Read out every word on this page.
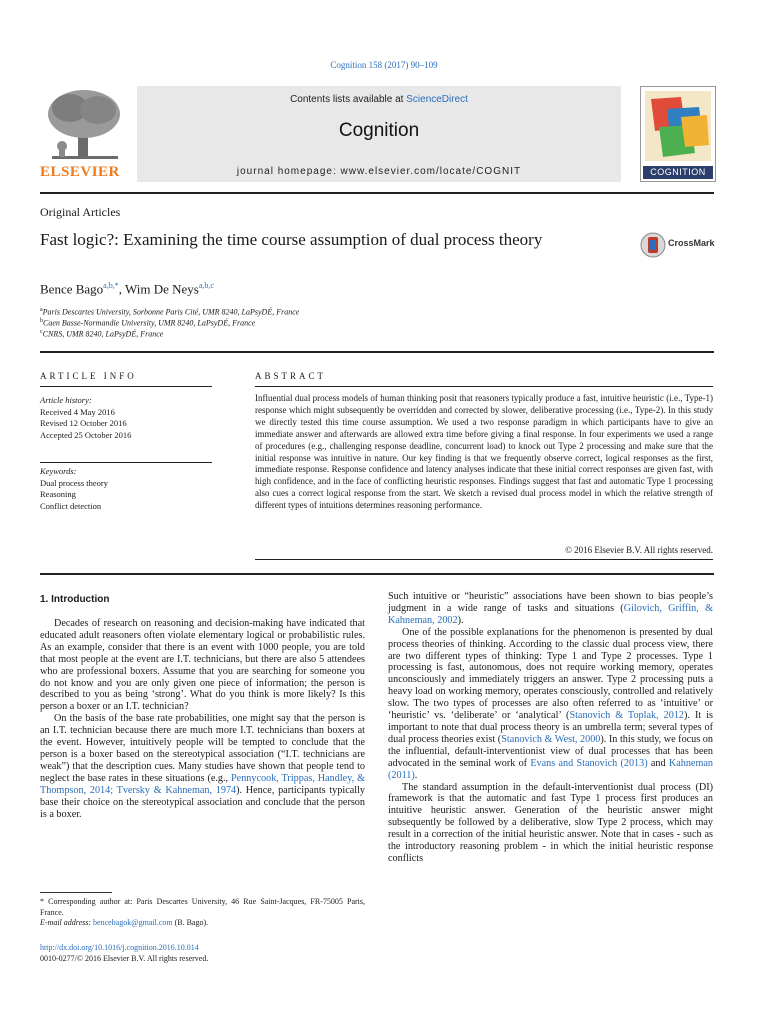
Cognition 158 (2017) 90–109
ELSEVIER
Contents lists available at ScienceDirect
Cognition
journal homepage: www.elsevier.com/locate/COGNIT	COGNITION
Original Articles
Fast logic?: Examining the time course assumption of dual process theory	CrossMark
Bence Bago$^{a,b,*}$, Wim De Neys$^{a,b,c}$
$^a$Paris Descartes University, Sorbonne Paris Cité, UMR 8240, LaPsyDÉ, France
$^b$Caen Basse-Normandie University, UMR 8240, LaPsyDÉ, France
$^c$CNRS, UMR 8240, LaPsyDÉ, France
ARTICLE INFO
Article history:
Received 4 May 2016
Revised 12 October 2016
Accepted 25 October 2016
Keywords:
Dual process theory
Reasoning
Conflict detection
ABSTRACT
Influential dual process models of human thinking posit that reasoners typically produce a fast, intuitive heuristic (i.e., Type-1) response which might subsequently be overridden and corrected by slower, deliberative processing (i.e., Type-2). In this study we directly tested this time course assumption. We used a two response paradigm in which participants have to give an immediate answer and afterwards are allowed extra time before giving a final response. In four experiments we used a range of procedures (e.g., challenging response deadline, concurrent load) to knock out Type 2 processing and make sure that the initial response was intuitive in nature. Our key finding is that we frequently observe correct, logical responses as the first, immediate response. Response confidence and latency analyses indicate that these initial correct responses are given fast, with high confidence, and in the face of conflicting heuristic responses. Findings suggest that fast and automatic Type 1 processing also cues a correct logical response from the start. We sketch a revised dual process model in which the relative strength of different types of intuitions determines reasoning performance.
© 2016 Elsevier B.V. All rights reserved.
1. Introduction

Decades of research on reasoning and decision-making have indicated that educated adult reasoners often violate elementary logical or probabilistic rules. As an example, consider that there is an event with 1000 people, you are told that most people at the event are I.T. technicians, but there are also 5 attendees who are professional boxers. Assume that you are searching for someone you do not know and you are only given one piece of information; the person is described to you as being ‘strong’. What do you think is more likely? Is this person a boxer or an I.T. technician?

On the basis of the base rate probabilities, one might say that the person is an I.T. technician because there are much more I.T. technicians than boxers at the event. However, intuitively people will be tempted to conclude that the person is a boxer based on the stereotypical association (“I.T. technicians are weak”) that the description cues. Many studies have shown that people tend to neglect the base rates in these situations (e.g., Pennycook, Trippas, Handley, & Thompson, 2014; Tversky & Kahneman, 1974). Hence, participants typically base their choice on the stereotypical association and conclude that the person is a boxer.

Such intuitive or “heuristic” associations have been shown to bias people’s judgment in a wide range of tasks and situations (Gilovich, Griffin, & Kahneman, 2002).

One of the possible explanations for the phenomenon is presented by dual process theories of thinking. According to the classic dual process view, there are two different types of thinking: Type 1 and Type 2 processes. Type 1 processing is fast, autonomous, does not require working memory, operates unconsciously and immediately triggers an answer. Type 2 processing puts a heavy load on working memory, operates consciously, controlled and relatively slow. The two types of processes are also often referred to as ‘intuitive’ or ‘heuristic’ vs. ‘deliberate’ or ‘analytical’ (Stanovich & Toplak, 2012). It is important to note that dual process theory is an umbrella term; several types of dual process theories exist (Stanovich & West, 2000). In this study, we focus on the influential, default-interventionist view of dual processes that has been advocated in the seminal work of Evans and Stanovich (2013) and Kahneman (2011).

The standard assumption in the default-interventionist dual process (DI) framework is that the automatic and fast Type 1 process first produces an intuitive heuristic answer. Generation of the heuristic answer might subsequently be followed by a deliberative, slow Type 2 process, which may result in a correction of the initial heuristic answer. Note that in cases - such as the introductory reasoning problem - in which the initial heuristic response conflicts

* Corresponding author at: Paris Descartes University, 46 Rue Saint-Jacques, FR-75005 Paris, France.
E-mail address: bencebagok@gmail.com (B. Bago).
http://dx.doi.org/10.1016/j.cognition.2016.10.014
0010-0277/© 2016 Elsevier B.V. All rights reserved.
